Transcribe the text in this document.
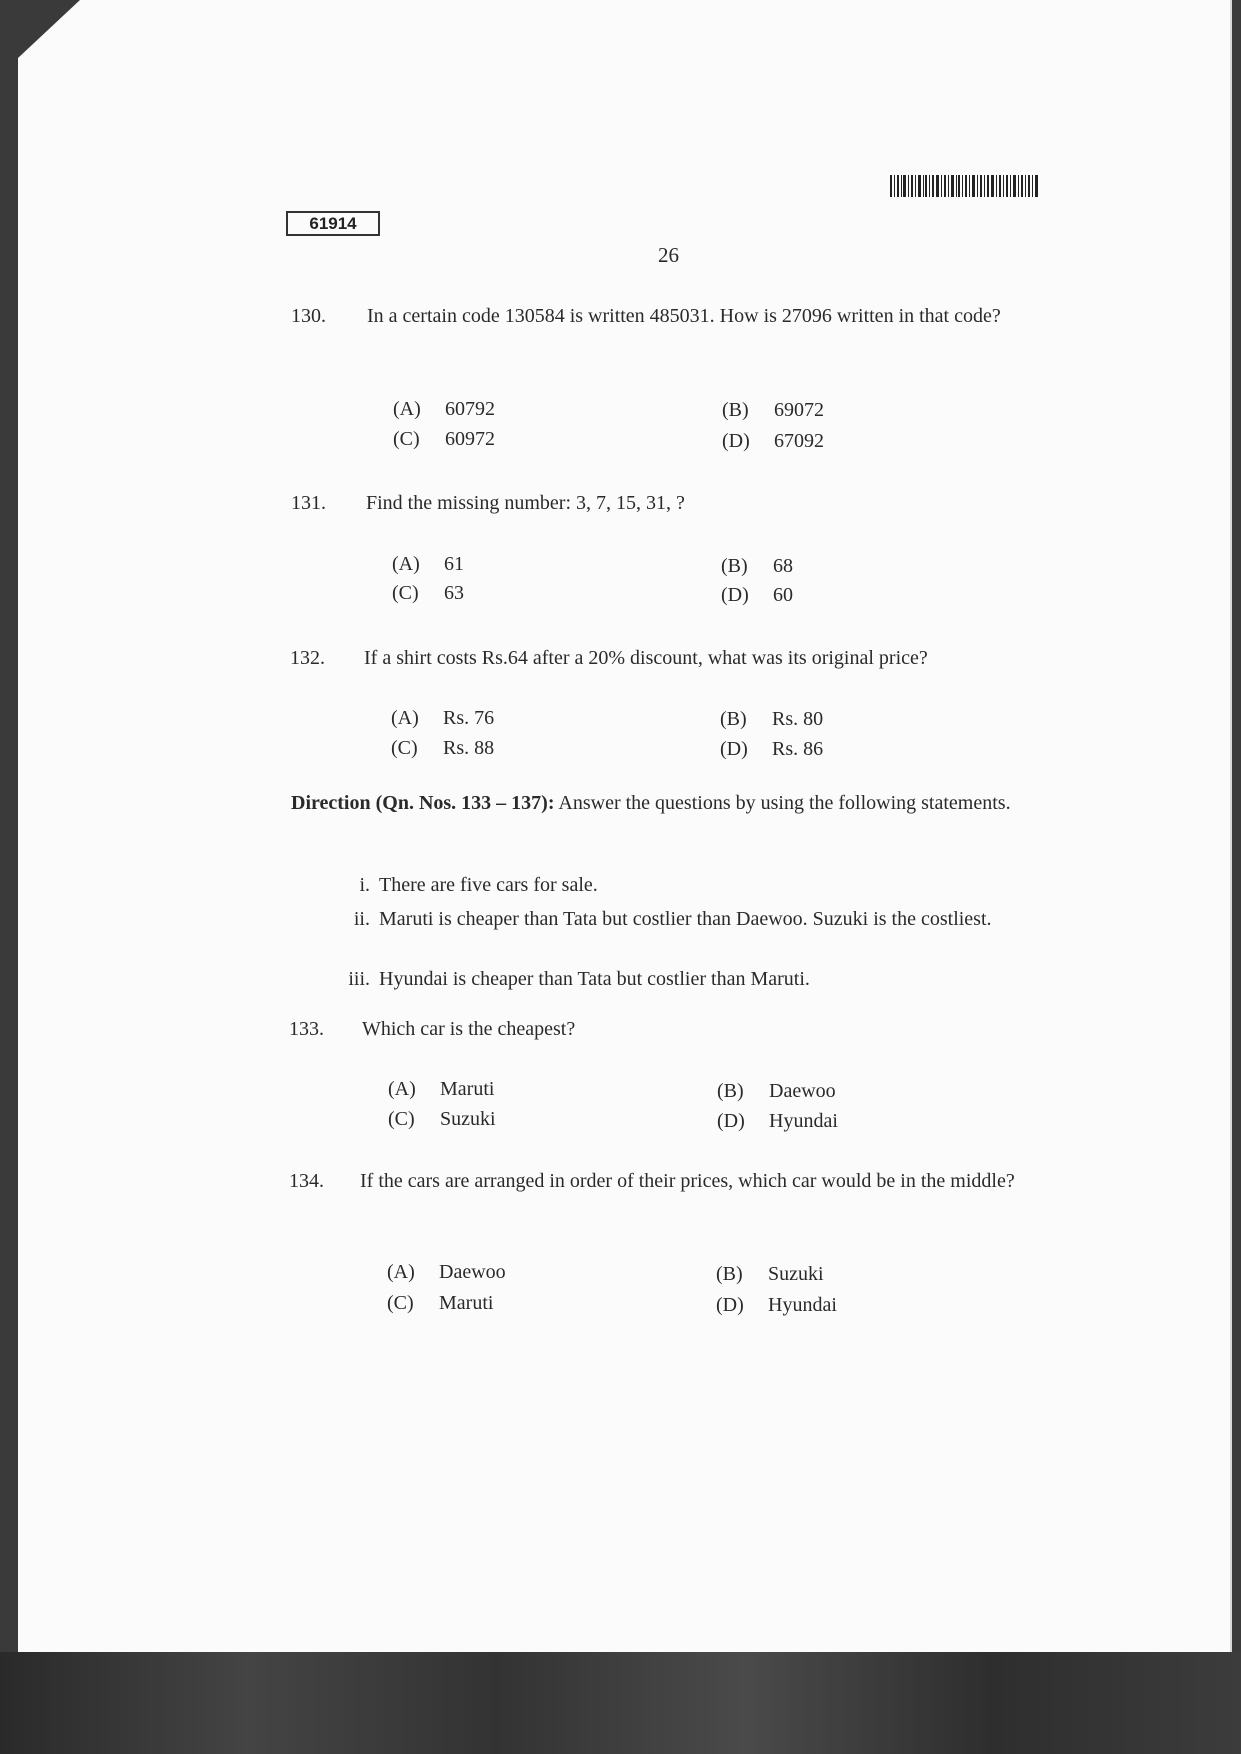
61914
26
130. In a certain code 130584 is written 485031. How is 27096 written in that code?
(A) 60792	(B) 69072
(C) 60972	(D) 67092
131. Find the missing number: 3, 7, 15, 31, ?
(A) 61	(B) 68
(C) 63	(D) 60
132. If a shirt costs Rs.64 after a 20% discount, what was its original price?
(A) Rs. 76	(B) Rs. 80
(C) Rs. 88	(D) Rs. 86
Direction (Qn. Nos. 133 – 137): Answer the questions by using the following statements.
i. There are five cars for sale.
ii. Maruti is cheaper than Tata but costlier than Daewoo. Suzuki is the costliest.
iii. Hyundai is cheaper than Tata but costlier than Maruti.
133. Which car is the cheapest?
(A) Maruti	(B) Daewoo
(C) Suzuki	(D) Hyundai
134. If the cars are arranged in order of their prices, which car would be in the middle?
(A) Daewoo	(B) Suzuki
(C) Maruti	(D) Hyundai
